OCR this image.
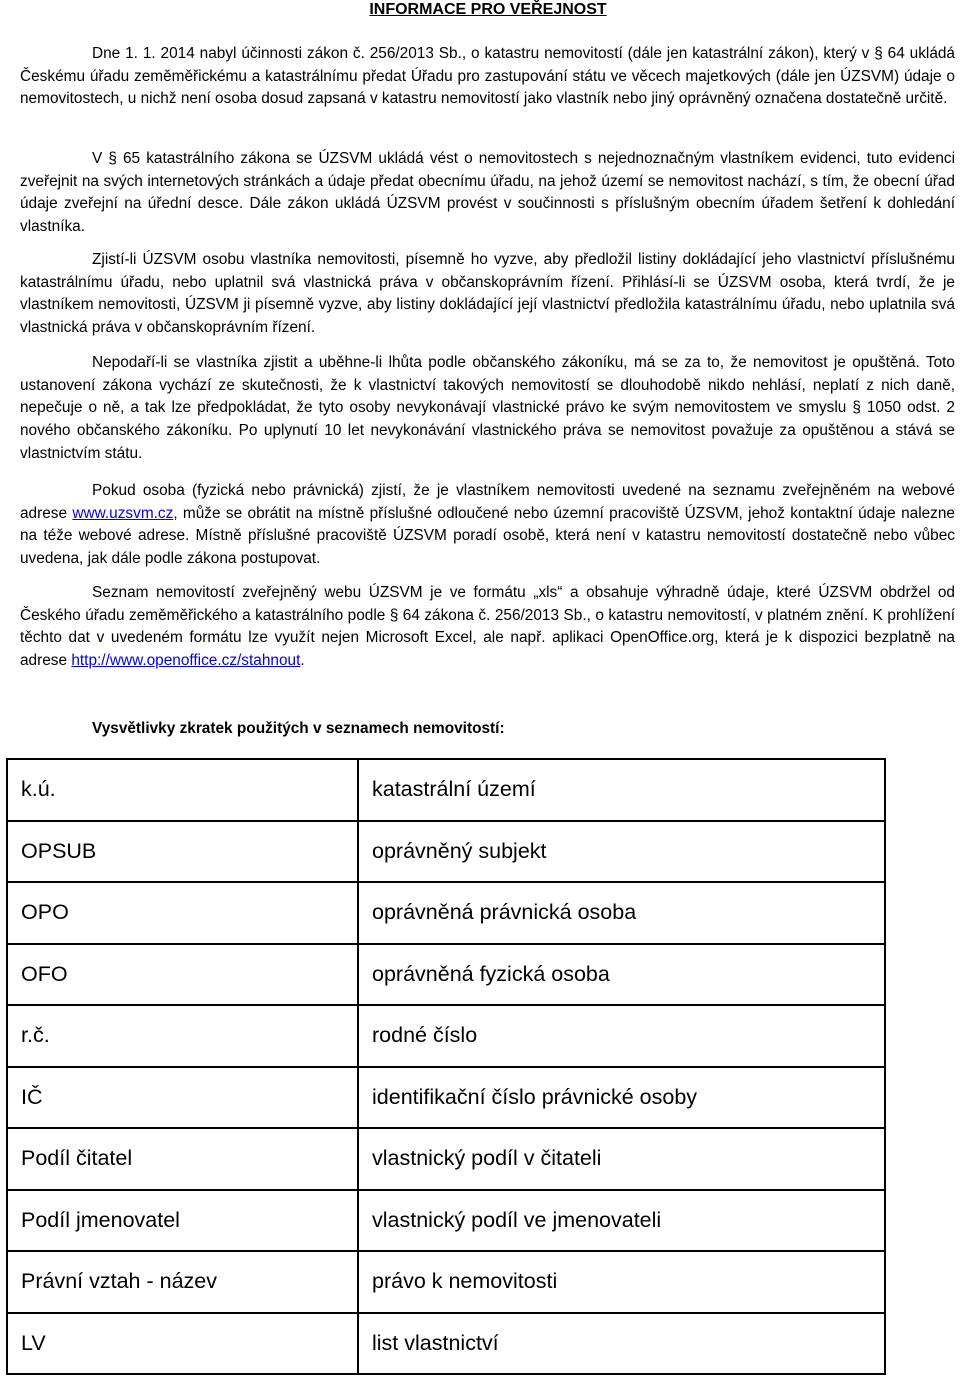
INFORMACE PRO VEŘEJNOST

Dne 1. 1. 2014 nabyl účinnosti zákon č. 256/2013 Sb., o katastru nemovitostí (dále jen katastrální zákon), který v § 64 ukládá Českému úřadu zeměměřickému a katastrálnímu předat Úřadu pro zastupování státu ve věcech majetkových (dále jen ÚZSVM) údaje o nemovitostech, u nichž není osoba dosud zapsaná v katastru nemovitostí jako vlastník nebo jiný oprávněný označena dostatečně určitě.

V § 65 katastrálního zákona se ÚZSVM ukládá vést o nemovitostech s nejednoznačným vlastníkem evidenci, tuto evidenci zveřejnit na svých internetových stránkách a údaje předat obecnímu úřadu, na jehož území se nemovitost nachází, s tím, že obecní úřad údaje zveřejní na úřední desce. Dále zákon ukládá ÚZSVM provést v součinnosti s příslušným obecním úřadem šetření k dohledání vlastníka.

Zjistí-li ÚZSVM osobu vlastníka nemovitosti, písemně ho vyzve, aby předložil listiny dokládající jeho vlastnictví příslušnému katastrálnímu úřadu, nebo uplatnil svá vlastnická práva v občanskoprávním řízení. Přihlásí-li se ÚZSVM osoba, která tvrdí, že je vlastníkem nemovitosti, ÚZSVM ji písemně vyzve, aby listiny dokládající její vlastnictví předložila katastrálnímu úřadu, nebo uplatnila svá vlastnická práva v občanskoprávním řízení.

Nepodaří-li se vlastníka zjistit a uběhne-li lhůta podle občanského zákoníku, má se za to, že nemovitost je opuštěná. Toto ustanovení zákona vychází ze skutečnosti, že k vlastnictví takových nemovitostí se dlouhodobě nikdo nehlásí, neplatí z nich daně, nepečuje o ně, a tak lze předpokládat, že tyto osoby nevykonávají vlastnické právo ke svým nemovitostem ve smyslu § 1050 odst. 2 nového občanského zákoníku. Po uplynutí 10 let nevykonávání vlastnického práva se nemovitost považuje za opuštěnou a stává se vlastnictvím státu.

Pokud osoba (fyzická nebo právnická) zjistí, že je vlastníkem nemovitosti uvedené na seznamu zveřejněném na webové adrese www.uzsvm.cz, může se obrátit na místně příslušné odloučené nebo územní pracoviště ÚZSVM, jehož kontaktní údaje nalezne na téže webové adrese. Místně příslušné pracoviště ÚZSVM poradí osobě, která není v katastru nemovitostí dostatečně nebo vůbec uvedena, jak dále podle zákona postupovat.

Seznam nemovitostí zveřejněný webu ÚZSVM je ve formátu „xls“ a obsahuje výhradně údaje, které ÚZSVM obdržel od Českého úřadu zeměměřického a katastrálního podle § 64 zákona č. 256/2013 Sb., o katastru nemovitostí, v platném znění. K prohlížení těchto dat v uvedeném formátu lze využít nejen Microsoft Excel, ale např. aplikaci OpenOffice.org, která je k dispozici bezplatně na adrese http://www.openoffice.cz/stahnout.

Vysvětlivky zkratek použitých v seznamech nemovitostí:

k.ú.	katastrální území
OPSUB	oprávněný subjekt
OPO	oprávněná právnická osoba
OFO	oprávněná fyzická osoba
r.č.	rodné číslo
IČ	identifikační číslo právnické osoby
Podíl čitatel	vlastnický podíl v čitateli
Podíl jmenovatel	vlastnický podíl ve jmenovateli
Právní vztah - název	právo k nemovitosti
LV	list vlastnictví
